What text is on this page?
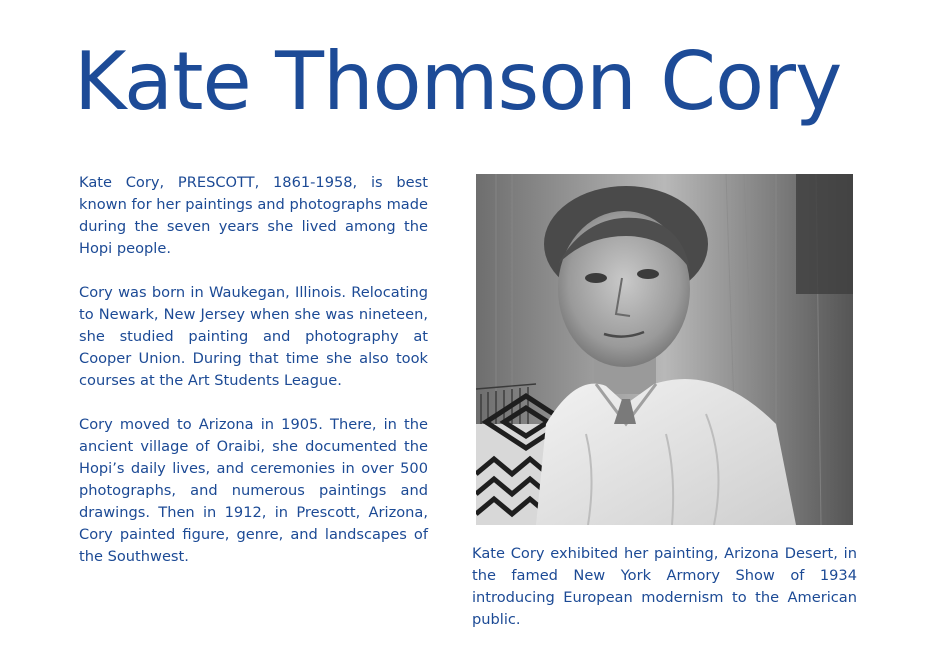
Kate Thomson Cory

Kate Cory, PRESCOTT, 1861-1958, is best known for her paintings and photographs made during the seven years she lived among the Hopi people.

Cory was born in Waukegan, Illinois. Relocating to Newark, New Jersey when she was nineteen, she studied painting and photography at Cooper Union. During that time she also took courses at the Art Students League.

Cory moved to Arizona in 1905. There, in the ancient village of Oraibi, she documented the Hopi’s daily lives, and ceremonies in over 500 photographs, and numerous paintings and drawings. Then in 1912, in Prescott, Arizona, Cory painted figure, genre, and landscapes of the Southwest.	Kate Cory exhibited her painting, Arizona Desert, in the famed New York Armory Show of 1934 introducing European modernism to the American public.
